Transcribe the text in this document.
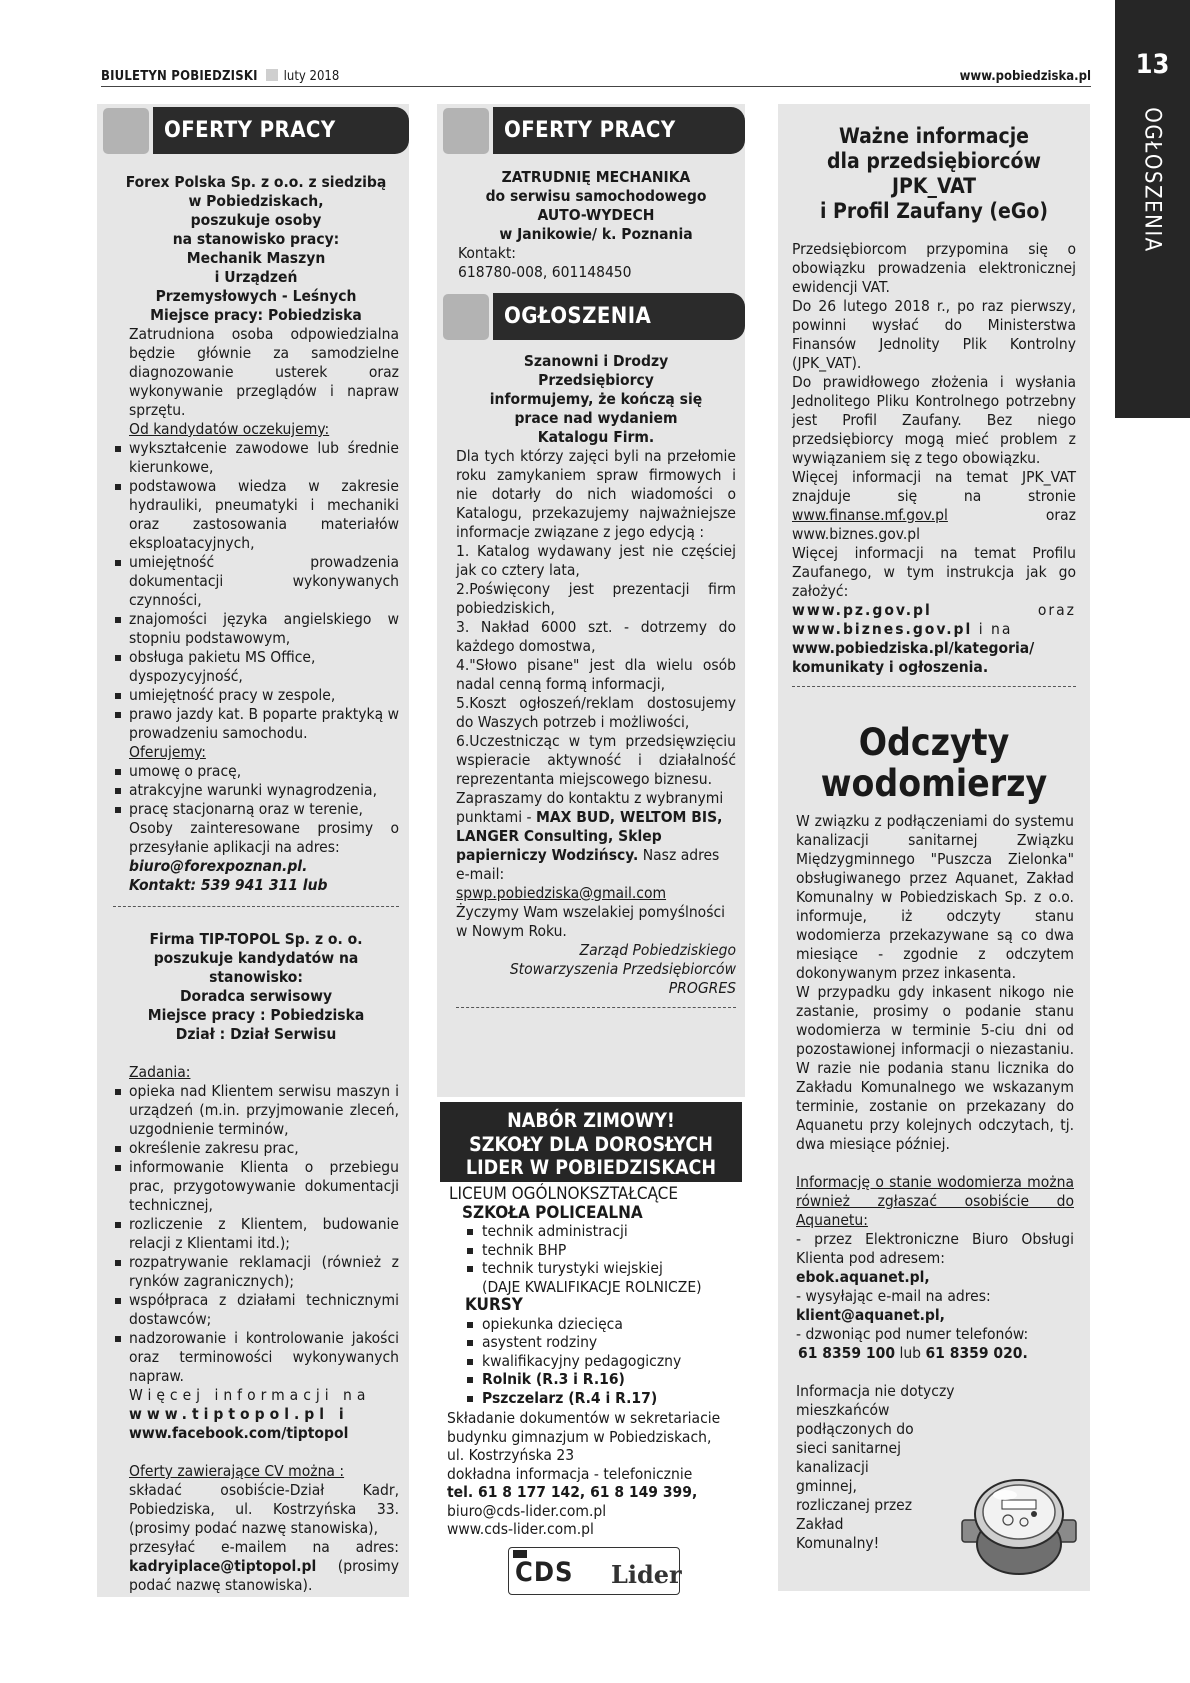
BIULETYN POBIEDZISKI luty 2018	www.pobiedziska.pl	13
OGŁOSZENIA
OFERTY PRACY
Forex Polska Sp. z o.o. z siedzibą
w Pobiedziskach,
poszukuje osoby
na stanowisko pracy:
Mechanik Maszyn
i Urządzeń
Przemysłowych - Leśnych
Miejsce pracy: Pobiedziska
Zatrudniona osoba odpowiedzialna będzie głównie za samodzielne diagnozowanie usterek oraz wykonywanie przeglądów i napraw sprzętu.
Od kandydatów oczekujemy:
wykształcenie zawodowe lub średnie kierunkowe,
podstawowa wiedza w zakresie hydrauliki, pneumatyki i mechaniki oraz zastosowania materiałów eksploatacyjnych,
umiejętność prowadzenia dokumentacji wykonywanych czynności,
znajomości języka angielskiego w stopniu podstawowym,
obsługa pakietu MS Office,
dyspozycyjność,
umiejętność pracy w zespole,
prawo jazdy kat. B poparte praktyką w prowadzeniu samochodu.
Oferujemy:
umowę o pracę,
atrakcyjne warunki wynagrodzenia,
pracę stacjonarną oraz w terenie,
Osoby zainteresowane prosimy o przesyłanie aplikacji na adres:
biuro@forexpoznan.pl.
Kontakt: 539 941 311 lub
Firma TIP-TOPOL Sp. z o. o.
poszukuje kandydatów na
stanowisko:
Doradca serwisowy
Miejsce pracy : Pobiedziska
Dział : Dział Serwisu
Zadania:
opieka nad Klientem serwisu maszyn i urządzeń (m.in. przyjmowanie zleceń, uzgodnienie terminów,
określenie zakresu prac,
informowanie Klienta o przebiegu prac, przygotowywanie dokumentacji technicznej,
rozliczenie z Klientem, budowanie relacji z Klientami itd.);
rozpatrywanie reklamacji (również z rynków zagranicznych);
współpraca z działami technicznymi dostawców;
nadzorowanie i kontrolowanie jakości oraz terminowości wykonywanych napraw.
Więcej informacji na
www.tiptopol.pl i
www.facebook.com/tiptopol
Oferty zawierające CV można :
składać osobiście-Dział Kadr, Pobiedziska, ul. Kostrzyńska 33. (prosimy podać nazwę stanowiska),
przesyłać e-mailem na adres: kadryiplace@tiptopol.pl (prosimy podać nazwę stanowiska).
OFERTY PRACY
ZATRUDNIĘ MECHANIKA
do serwisu samochodowego
AUTO-WYDECH
w Janikowie/ k. Poznania
Kontakt:
618780-008, 601148450
OGŁOSZENIA
Szanowni i Drodzy
Przedsiębiorcy
informujemy, że kończą się
prace nad wydaniem
Katalogu Firm.
Dla tych którzy zajęci byli na przełomie roku zamykaniem spraw firmowych i nie dotarły do nich wiadomości o Katalogu, przekazujemy najważniejsze informacje związane z jego edycją :
1. Katalog wydawany jest nie częściej jak co cztery lata,
2.Poświęcony jest prezentacji firm pobiedziskich,
3. Nakład 6000 szt. - dotrzemy do każdego domostwa,
4."Słowo pisane" jest dla wielu osób nadal cenną formą informacji,
5.Koszt ogłoszeń/reklam dostosujemy do Waszych potrzeb i możliwości,
6.Uczestnicząc w tym przedsięwzięciu wspieracie aktywność i działalność reprezentanta miejscowego biznesu.
Zapraszamy do kontaktu z wybranymi punktami - MAX BUD, WELTOM BIS, LANGER Consulting, Sklep papierniczy Wodzińscy. Nasz adres e-mail:
spwp.pobiedziska@gmail.com
Życzymy Wam wszelakiej pomyślności w Nowym Roku.
Zarząd Pobiedziskiego
Stowarzyszenia Przedsiębiorców
PROGRES
NABÓR ZIMOWY!
SZKOŁY DLA DOROSŁYCH
LIDER W POBIEDZISKACH
LICEUM OGÓLNOKSZTAŁCĄCE
SZKOŁA POLICEALNA
technik administracji
technik BHP
technik turystyki wiejskiej
(DAJE KWALIFIKACJE ROLNICZE)
KURSY
opiekunka dziecięca
asystent rodziny
kwalifikacyjny pedagogiczny
Rolnik (R.3 i R.16)
Pszczelarz (R.4 i R.17)
Składanie dokumentów w sekretariacie
budynku gimnazjum w Pobiedziskach,
ul. Kostrzyńska 23
dokładna informacja - telefonicznie
tel. 61 8 177 142, 61 8 149 399,
biuro@cds-lider.com.pl
www.cds-lider.com.pl
CDS Lider
Ważne informacje
dla przedsiębiorców
JPK_VAT
i Profil Zaufany (eGo)
Przedsiębiorcom przypomina się o obowiązku prowadzenia elektronicznej ewidencji VAT.
Do 26 lutego 2018 r., po raz pierwszy, powinni wysłać do Ministerstwa Finansów Jednolity Plik Kontrolny (JPK_VAT).
Do prawidłowego złożenia i wysłania Jednolitego Pliku Kontrolnego potrzebny jest Profil Zaufany. Bez niego przedsiębiorcy mogą mieć problem z wywiązaniem się z tego obowiązku.
Więcej informacji na temat JPK_VAT znajduje się na stronie www.finanse.mf.gov.pl	oraz www.biznes.gov.pl
Więcej informacji na temat Profilu Zaufanego, w tym instrukcja jak go założyć:
www.pz.gov.pl	oraz www.biznes.gov.pl i na
www.pobiedziska.pl/kategoria/ komunikaty i ogłoszenia.
Odczyty
wodomierzy
W związku z podłączeniami do systemu kanalizacji sanitarnej Związku Międzygminnego "Puszcza Zielonka" obsługiwanego przez Aquanet, Zakład Komunalny w Pobiedziskach Sp. z o.o. informuje, iż odczyty stanu wodomierza przekazywane są co dwa miesiące - zgodnie z odczytem dokonywanym przez inkasenta.
W przypadku gdy inkasent nikogo nie zastanie, prosimy o podanie stanu wodomierza w terminie 5-ciu dni od pozostawionej informacji o niezastaniu. W razie nie podania stanu licznika do Zakładu Komunalnego we wskazanym terminie, zostanie on przekazany do Aquanetu przy kolejnych odczytach, tj. dwa miesiące później.
Informację o stanie wodomierza można również zgłaszać osobiście do Aquanetu:
- przez Elektroniczne Biuro Obsługi Klienta pod adresem:
ebok.aquanet.pl,
- wysyłając e-mail na adres:
klient@aquanet.pl,
- dzwoniąc pod numer telefonów:
61 8359 100 lub 61 8359 020.
Informacja nie dotyczy
mieszkańców
podłączonych do
sieci sanitarnej
kanalizacji
gminnej,
rozliczanej przez
Zakład
Komunalny!
